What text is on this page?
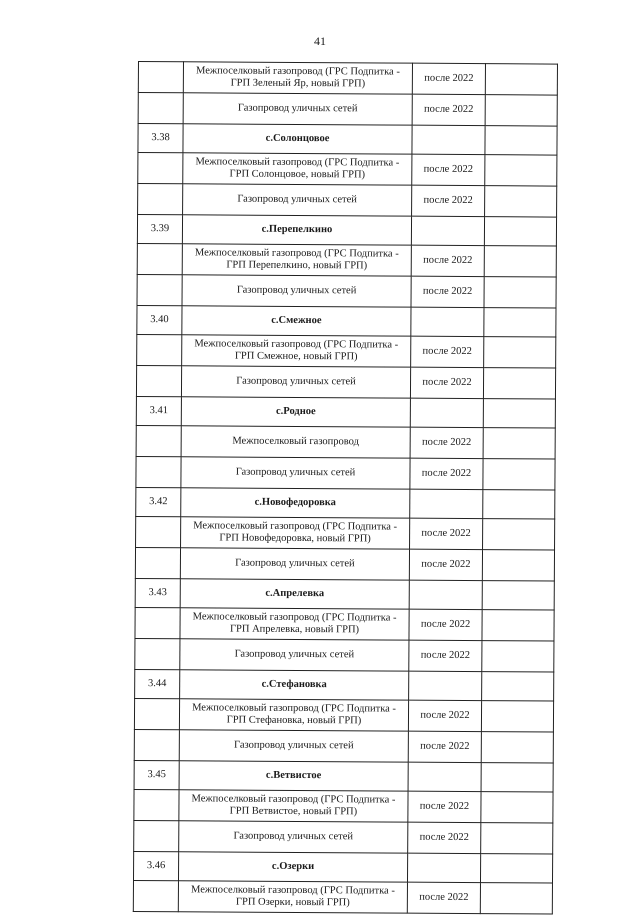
41
	Межпоселковый газопровод (ГРС Подпитка - ГРП Зеленый Яр, новый ГРП)	после 2022	
	Газопровод уличных сетей	после 2022	
3.38	с.Солонцовое		
	Межпоселковый газопровод (ГРС Подпитка - ГРП Солонцовое, новый ГРП)	после 2022	
	Газопровод уличных сетей	после 2022	
3.39	с.Перепелкино		
	Межпоселковый газопровод (ГРС Подпитка - ГРП Перепелкино, новый ГРП)	после 2022	
	Газопровод уличных сетей	после 2022	
3.40	с.Смежное		
	Межпоселковый газопровод (ГРС Подпитка - ГРП Смежное, новый ГРП)	после 2022	
	Газопровод уличных сетей	после 2022	
3.41	с.Родное		
	Межпоселковый газопровод	после 2022	
	Газопровод уличных сетей	после 2022	
3.42	с.Новофедоровка		
	Межпоселковый газопровод (ГРС Подпитка - ГРП Новофедоровка, новый ГРП)	после 2022	
	Газопровод уличных сетей	после 2022	
3.43	с.Апрелевка		
	Межпоселковый газопровод (ГРС Подпитка - ГРП Апрелевка, новый ГРП)	после 2022	
	Газопровод уличных сетей	после 2022	
3.44	с.Стефановка		
	Межпоселковый газопровод (ГРС Подпитка - ГРП Стефановка, новый ГРП)	после 2022	
	Газопровод уличных сетей	после 2022	
3.45	с.Ветвистое		
	Межпоселковый газопровод (ГРС Подпитка - ГРП Ветвистое, новый ГРП)	после 2022	
	Газопровод уличных сетей	после 2022	
3.46	с.Озерки		
	Межпоселковый газопровод (ГРС Подпитка - ГРП Озерки, новый ГРП)	после 2022	
